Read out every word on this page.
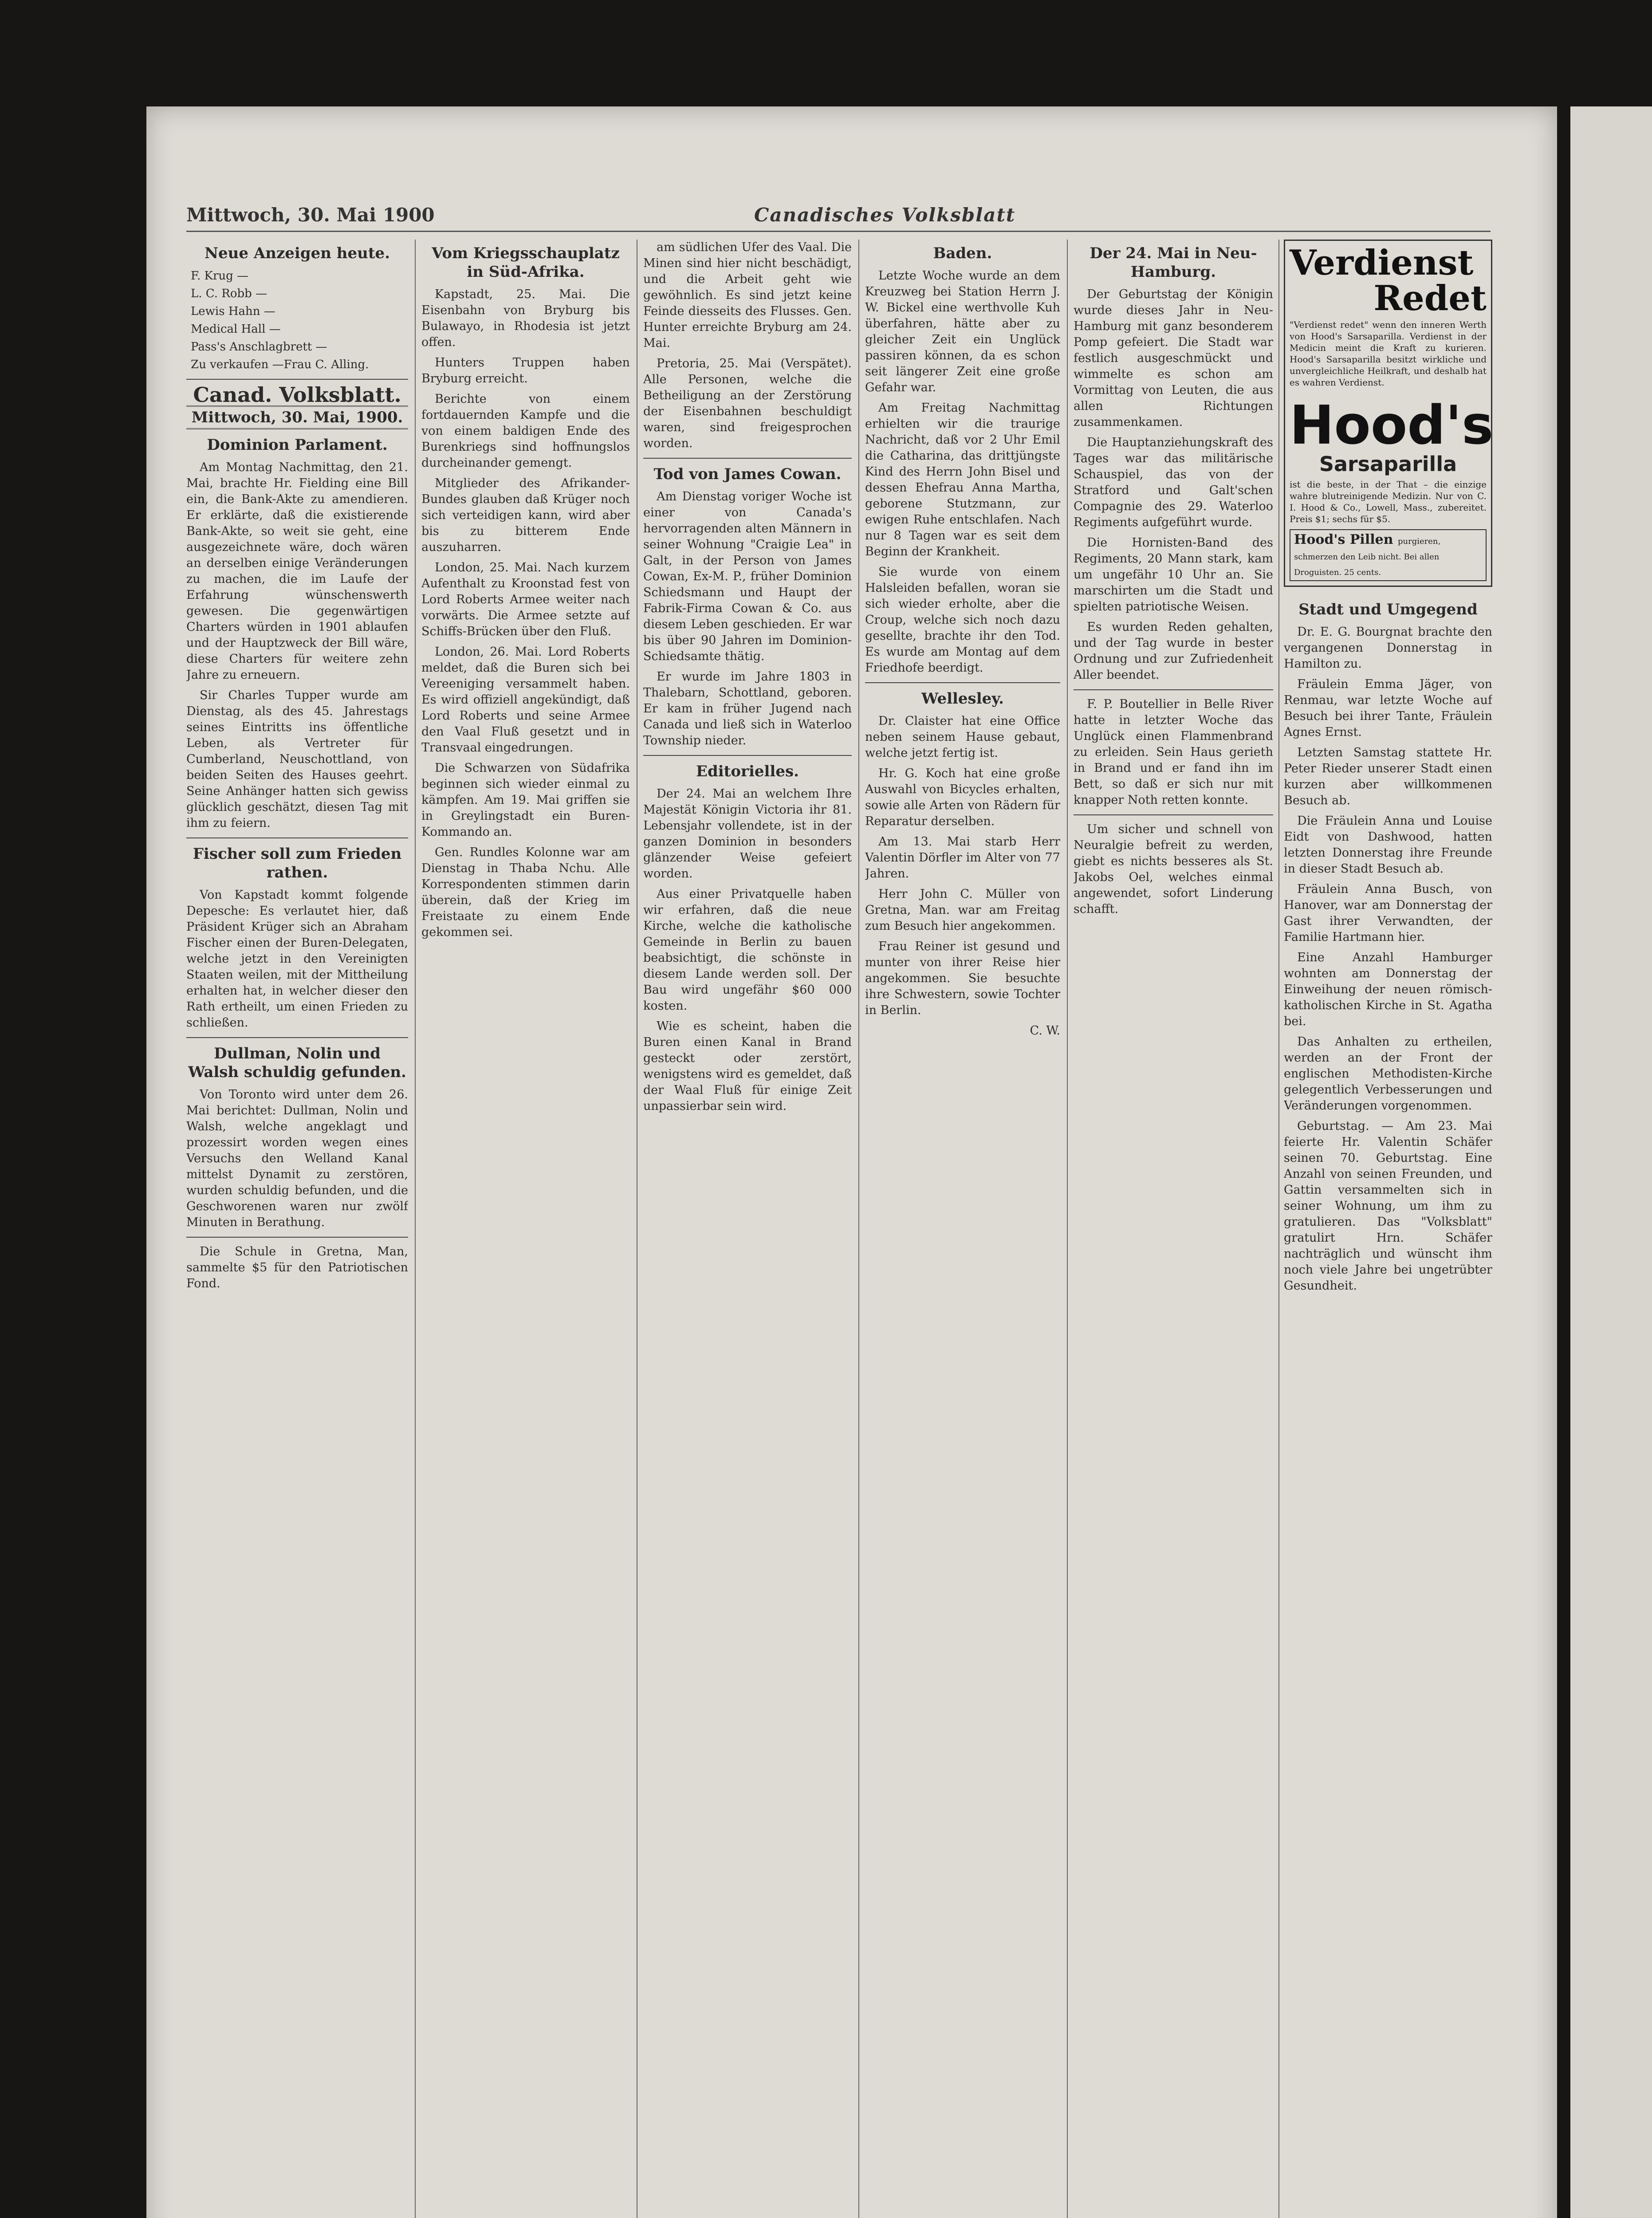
Mittwoch, 30. Mai 1900	Canadisches Volksblatt
Neue Anzeigen heute.
F. Krug —
L. C. Robb —
Lewis Hahn —
Medical Hall —
Pass's Anschlagbrett —
Zu verkaufen —Frau C. Alling.
Canad. Volksblatt.
Mittwoch, 30. Mai, 1900.
Dominion Parlament.

Am Montag Nachmittag, den 21. Mai, brachte Hr. Fielding eine Bill ein, die Bank-Akte zu amendieren. Er erklärte, daß die existierende Bank-Akte, so weit sie geht, eine ausgezeichnete wäre, doch wären an derselben einige Veränderungen zu machen, die im Laufe der Erfahrung wünschenswerth gewesen. Die gegenwärtigen Charters würden in 1901 ablaufen und der Hauptzweck der Bill wäre, diese Charters für weitere zehn Jahre zu erneuern.

Sir Charles Tupper wurde am Dienstag, als des 45. Jahrestags seines Eintritts ins öffentliche Leben, als Vertreter für Cumberland, Neuschottland, von beiden Seiten des Hauses geehrt. Seine Anhänger hatten sich gewiss glücklich geschätzt, diesen Tag mit ihm zu feiern.

Fischer soll zum Frieden rathen.

Von Kapstadt kommt folgende Depesche: Es verlautet hier, daß Präsident Krüger sich an Abraham Fischer einen der Buren-Delegaten, welche jetzt in den Vereinigten Staaten weilen, mit der Mittheilung erhalten hat, in welcher dieser den Rath ertheilt, um einen Frieden zu schließen.

Dullman, Nolin und Walsh schuldig gefunden.

Von Toronto wird unter dem 26. Mai berichtet: Dullman, Nolin und Walsh, welche angeklagt und prozessirt worden wegen eines Versuchs den Welland Kanal mittelst Dynamit zu zerstören, wurden schuldig befunden, und die Geschworenen waren nur zwölf Minuten in Berathung.

Die Schule in Gretna, Man, sammelte $5 für den Patriotischen Fond.

Vom Kriegsschauplatz in Süd-Afrika.

Kapstadt, 25. Mai. Die Eisenbahn von Bryburg bis Bulawayo, in Rhodesia ist jetzt offen.

Hunters Truppen haben Bryburg erreicht.

Berichte von einem fortdauernden Kampfe und die von einem baldigen Ende des Burenkriegs sind hoffnungslos durcheinander gemengt.

Mitglieder des Afrikander-Bundes glauben daß Krüger noch sich verteidigen kann, wird aber bis zu bitterem Ende auszuharren.

London, 25. Mai. Nach kurzem Aufenthalt zu Kroonstad fest von Lord Roberts Armee weiter nach vorwärts. Die Armee setzte auf Schiffs-Brücken über den Fluß.

London, 26. Mai. Lord Roberts meldet, daß die Buren sich bei Vereeniging versammelt haben. Es wird offiziell angekündigt, daß Lord Roberts und seine Armee den Vaal Fluß gesetzt und in Transvaal eingedrungen.

Die Schwarzen von Südafrika beginnen sich wieder einmal zu kämpfen. Am 19. Mai griffen sie in Greylingstadt ein Buren-Kommando an.

Gen. Rundles Kolonne war am Dienstag in Thaba Nchu. Alle Korrespondenten stimmen darin überein, daß der Krieg im Freistaate zu einem Ende gekommen sei.

am südlichen Ufer des Vaal. Die Minen sind hier nicht beschädigt, und die Arbeit geht wie gewöhnlich. Es sind jetzt keine Feinde diesseits des Flusses. Gen. Hunter erreichte Bryburg am 24. Mai.

Pretoria, 25. Mai (Verspätet). Alle Personen, welche die Betheiligung an der Zerstörung der Eisenbahnen beschuldigt waren, sind freigesprochen worden.

Tod von James Cowan.

Am Dienstag voriger Woche ist einer von Canada's hervorragenden alten Männern in seiner Wohnung "Craigie Lea" in Galt, in der Person von James Cowan, Ex-M. P., früher Dominion Schiedsmann und Haupt der Fabrik-Firma Cowan & Co. aus diesem Leben geschieden. Er war bis über 90 Jahren im Dominion-Schiedsamte thätig.

Er wurde im Jahre 1803 in Thalebarn, Schottland, geboren. Er kam in früher Jugend nach Canada und ließ sich in Waterloo Township nieder.

Editorielles.

Der 24. Mai an welchem Ihre Majestät Königin Victoria ihr 81. Lebensjahr vollendete, ist in der ganzen Dominion in besonders glänzender Weise gefeiert worden.

Aus einer Privatquelle haben wir erfahren, daß die neue Kirche, welche die katholische Gemeinde in Berlin zu bauen beabsichtigt, die schönste in diesem Lande werden soll. Der Bau wird ungefähr $60 000 kosten.

Wie es scheint, haben die Buren einen Kanal in Brand gesteckt oder zerstört, wenigstens wird es gemeldet, daß der Waal Fluß für einige Zeit unpassierbar sein wird.

Baden.

Letzte Woche wurde an dem Kreuzweg bei Station Herrn J. W. Bickel eine werthvolle Kuh überfahren, hätte aber zu gleicher Zeit ein Unglück passiren können, da es schon seit längerer Zeit eine große Gefahr war.

Am Freitag Nachmittag erhielten wir die traurige Nachricht, daß vor 2 Uhr Emil die Catharina, das drittjüngste Kind des Herrn John Bisel und dessen Ehefrau Anna Martha, geborene Stutzmann, zur ewigen Ruhe entschlafen. Nach nur 8 Tagen war es seit dem Beginn der Krankheit.

Sie wurde von einem Halsleiden befallen, woran sie sich wieder erholte, aber die Croup, welche sich noch dazu gesellte, brachte ihr den Tod. Es wurde am Montag auf dem Friedhofe beerdigt.

Wellesley.

Dr. Claister hat eine Office neben seinem Hause gebaut, welche jetzt fertig ist.

Hr. G. Koch hat eine große Auswahl von Bicycles erhalten, sowie alle Arten von Rädern für Reparatur derselben.

Am 13. Mai starb Herr Valentin Dörfler im Alter von 77 Jahren.

Herr John C. Müller von Gretna, Man. war am Freitag zum Besuch hier angekommen.

Frau Reiner ist gesund und munter von ihrer Reise hier angekommen. Sie besuchte ihre Schwestern, sowie Tochter in Berlin.

C. W.

Der 24. Mai in Neu-Hamburg.

Der Geburtstag der Königin wurde dieses Jahr in Neu-Hamburg mit ganz besonderem Pomp gefeiert. Die Stadt war festlich ausgeschmückt und wimmelte es schon am Vormittag von Leuten, die aus allen Richtungen zusammenkamen.

Die Hauptanziehungskraft des Tages war das militärische Schauspiel, das von der Stratford und Galt'schen Compagnie des 29. Waterloo Regiments aufgeführt wurde.

Die Hornisten-Band des Regiments, 20 Mann stark, kam um ungefähr 10 Uhr an. Sie marschirten um die Stadt und spielten patriotische Weisen.

Es wurden Reden gehalten, und der Tag wurde in bester Ordnung und zur Zufriedenheit Aller beendet.

F. P. Boutellier in Belle River hatte in letzter Woche das Unglück einen Flammenbrand zu erleiden. Sein Haus gerieth in Brand und er fand ihn im Bett, so daß er sich nur mit knapper Noth retten konnte.

Um sicher und schnell von Neuralgie befreit zu werden, giebt es nichts besseres als St. Jakobs Oel, welches einmal angewendet, sofort Linderung schafft.

Verdienst
Redet
"Verdienst redet" wenn den inneren Werth von Hood's Sarsaparilla. Verdienst in der Medicin meint die Kraft zu kurieren. Hood's Sarsaparilla besitzt wirkliche und unvergleichliche Heilkraft, und deshalb hat es wahren Verdienst.
Hood's
Sarsaparilla
ist die beste, in der That – die einzige wahre blutreinigende Medizin. Nur von C. I. Hood & Co., Lowell, Mass., zubereitet. Preis $1; sechs für $5.
Hood's Pillen purgieren, schmerzen den Leib nicht. Bei allen Droguisten. 25 cents.
Stadt und Umgegend

Dr. E. G. Bourgnat brachte den vergangenen Donnerstag in Hamilton zu.

Fräulein Emma Jäger, von Renmau, war letzte Woche auf Besuch bei ihrer Tante, Fräulein Agnes Ernst.

Letzten Samstag stattete Hr. Peter Rieder unserer Stadt einen kurzen aber willkommenen Besuch ab.

Die Fräulein Anna und Louise Eidt von Dashwood, hatten letzten Donnerstag ihre Freunde in dieser Stadt Besuch ab.

Fräulein Anna Busch, von Hanover, war am Donnerstag der Gast ihrer Verwandten, der Familie Hartmann hier.

Eine Anzahl Hamburger wohnten am Donnerstag der Einweihung der neuen römisch-katholischen Kirche in St. Agatha bei.

Das Anhalten zu ertheilen, werden an der Front der englischen Methodisten-Kirche gelegentlich Verbesserungen und Veränderungen vorgenommen.

Geburtstag. — Am 23. Mai feierte Hr. Valentin Schäfer seinen 70. Geburtstag. Eine Anzahl von seinen Freunden, und Gattin versammelten sich in seiner Wohnung, um ihm zu gratulieren. Das "Volksblatt" gratulirt Hrn. Schäfer nachträglich und wünscht ihm noch viele Jahre bei ungetrübter Gesundheit.
